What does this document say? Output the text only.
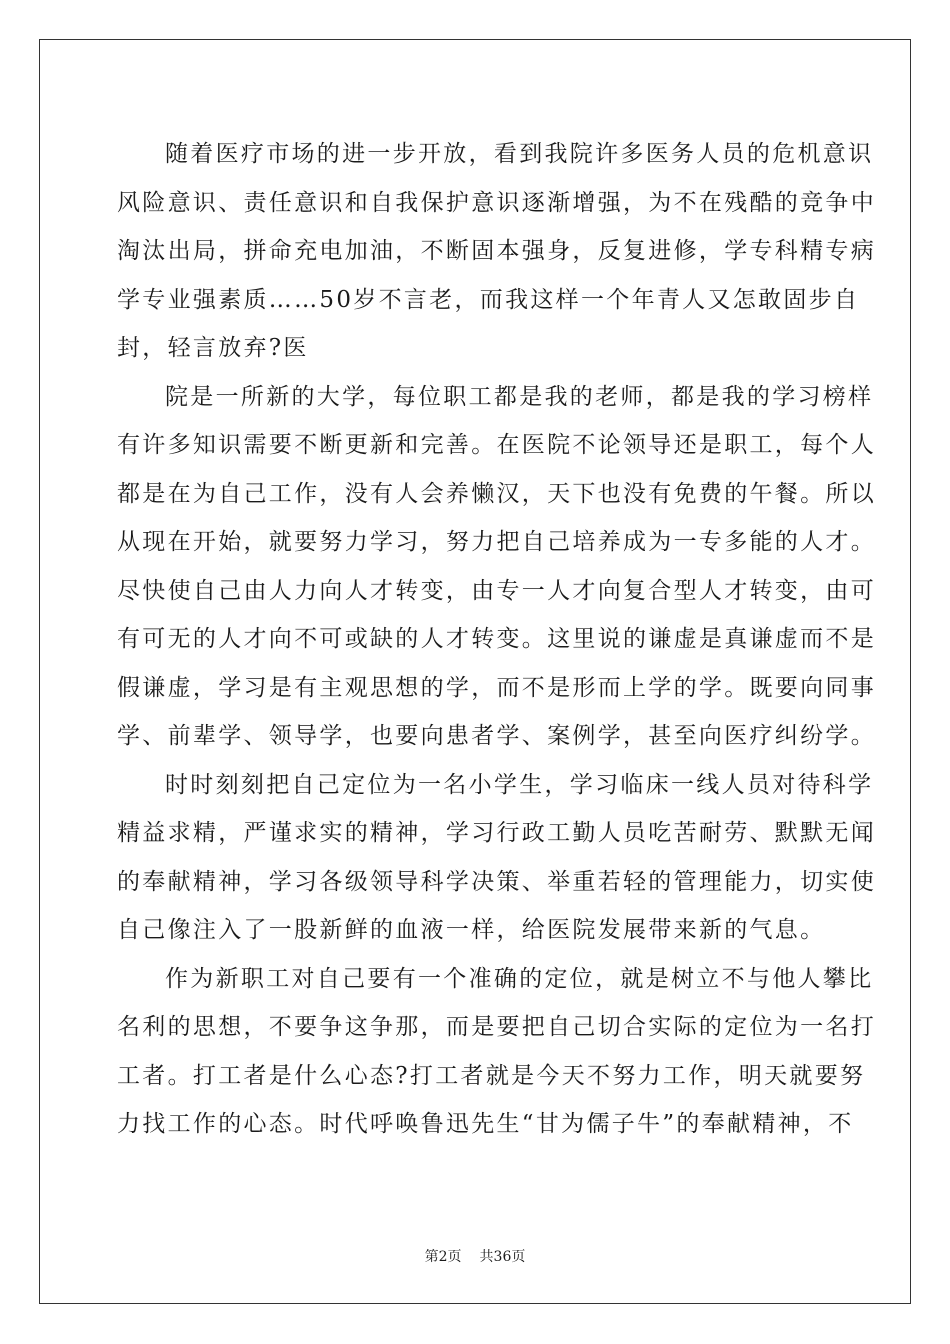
随着医疗市场的进一步开放，看到我院许多医务人员的危机意识
风险意识、责任意识和自我保护意识逐渐增强，为不在残酷的竞争中
淘汰出局，拼命充电加油，不断固本强身，反复进修，学专科精专病
学专业强素质……50岁不言老，而我这样一个年青人又怎敢固步自
封，轻言放弃?医
院是一所新的大学，每位职工都是我的老师，都是我的学习榜样
有许多知识需要不断更新和完善。在医院不论领导还是职工，每个人
都是在为自己工作，没有人会养懒汉，天下也没有免费的午餐。所以
从现在开始，就要努力学习，努力把自己培养成为一专多能的人才。
尽快使自己由人力向人才转变，由专一人才向复合型人才转变，由可
有可无的人才向不可或缺的人才转变。这里说的谦虚是真谦虚而不是
假谦虚，学习是有主观思想的学，而不是形而上学的学。既要向同事
学、前辈学、领导学，也要向患者学、案例学，甚至向医疗纠纷学。
时时刻刻把自己定位为一名小学生，学习临床一线人员对待科学
精益求精，严谨求实的精神，学习行政工勤人员吃苦耐劳、默默无闻
的奉献精神，学习各级领导科学决策、举重若轻的管理能力，切实使
自己像注入了一股新鲜的血液一样，给医院发展带来新的气息。
作为新职工对自己要有一个准确的定位，就是树立不与他人攀比
名利的思想，不要争这争那，而是要把自己切合实际的定位为一名打
工者。打工者是什么心态?打工者就是今天不努力工作，明天就要努
力找工作的心态。时代呼唤鲁迅先生“甘为儒子牛”的奉献精神，不
第2页 共36页
